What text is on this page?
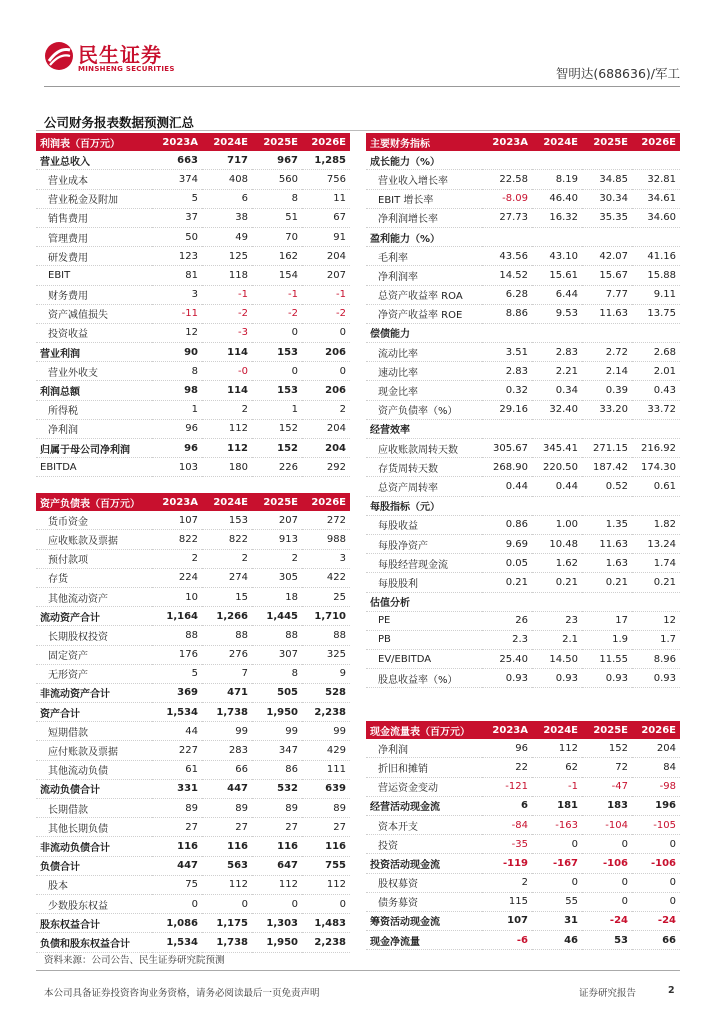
民生证券
MINSHENG SECURITIES	智明达(688636)/军工
公司财务报表数据预测汇总
利润表（百万元）	2023A	2024E	2025E	2026E
营业总收入	663	717	967	1,285
营业成本	374	408	560	756
营业税金及附加	5	6	8	11
销售费用	37	38	51	67
管理费用	50	49	70	91
研发费用	123	125	162	204
EBIT	81	118	154	207
财务费用	3	-1	-1	-1
资产减值损失	-11	-2	-2	-2
投资收益	12	-3	0	0
营业利润	90	114	153	206
营业外收支	8	-0	0	0
利润总额	98	114	153	206
所得税	1	2	1	2
净利润	96	112	152	204
归属于母公司净利润	96	112	152	204
EBITDA	103	180	226	292
资产负债表（百万元）	2023A	2024E	2025E	2026E
货币资金	107	153	207	272
应收账款及票据	822	822	913	988
预付款项	2	2	2	3
存货	224	274	305	422
其他流动资产	10	15	18	25
流动资产合计	1,164	1,266	1,445	1,710
长期股权投资	88	88	88	88
固定资产	176	276	307	325
无形资产	5	7	8	9
非流动资产合计	369	471	505	528
资产合计	1,534	1,738	1,950	2,238
短期借款	44	99	99	99
应付账款及票据	227	283	347	429
其他流动负债	61	66	86	111
流动负债合计	331	447	532	639
长期借款	89	89	89	89
其他长期负债	27	27	27	27
非流动负债合计	116	116	116	116
负债合计	447	563	647	755
股本	75	112	112	112
少数股东权益	0	0	0	0
股东权益合计	1,086	1,175	1,303	1,483
负债和股东权益合计	1,534	1,738	1,950	2,238
主要财务指标	2023A	2024E	2025E	2026E
成长能力（%）				
营业收入增长率	22.58	8.19	34.85	32.81
EBIT 增长率	-8.09	46.40	30.34	34.61
净利润增长率	27.73	16.32	35.35	34.60
盈利能力（%）				
毛利率	43.56	43.10	42.07	41.16
净利润率	14.52	15.61	15.67	15.88
总资产收益率 ROA	6.28	6.44	7.77	9.11
净资产收益率 ROE	8.86	9.53	11.63	13.75
偿债能力				
流动比率	3.51	2.83	2.72	2.68
速动比率	2.83	2.21	2.14	2.01
现金比率	0.32	0.34	0.39	0.43
资产负债率（%）	29.16	32.40	33.20	33.72
经营效率				
应收账款周转天数	305.67	345.41	271.15	216.92
存货周转天数	268.90	220.50	187.42	174.30
总资产周转率	0.44	0.44	0.52	0.61
每股指标（元）				
每股收益	0.86	1.00	1.35	1.82
每股净资产	9.69	10.48	11.63	13.24
每股经营现金流	0.05	1.62	1.63	1.74
每股股利	0.21	0.21	0.21	0.21
估值分析				
PE	26	23	17	12
PB	2.3	2.1	1.9	1.7
EV/EBITDA	25.40	14.50	11.55	8.96
股息收益率（%）	0.93	0.93	0.93	0.93
现金流量表（百万元）	2023A	2024E	2025E	2026E
净利润	96	112	152	204
折旧和摊销	22	62	72	84
营运资金变动	-121	-1	-47	-98
经营活动现金流	6	181	183	196
资本开支	-84	-163	-104	-105
投资	-35	0	0	0
投资活动现金流	-119	-167	-106	-106
股权募资	2	0	0	0
债务募资	115	55	0	0
筹资活动现金流	107	31	-24	-24
现金净流量	-6	46	53	66
资料来源：公司公告、民生证券研究院预测
本公司具备证券投资咨询业务资格，请务必阅读最后一页免责声明	证券研究报告	2
